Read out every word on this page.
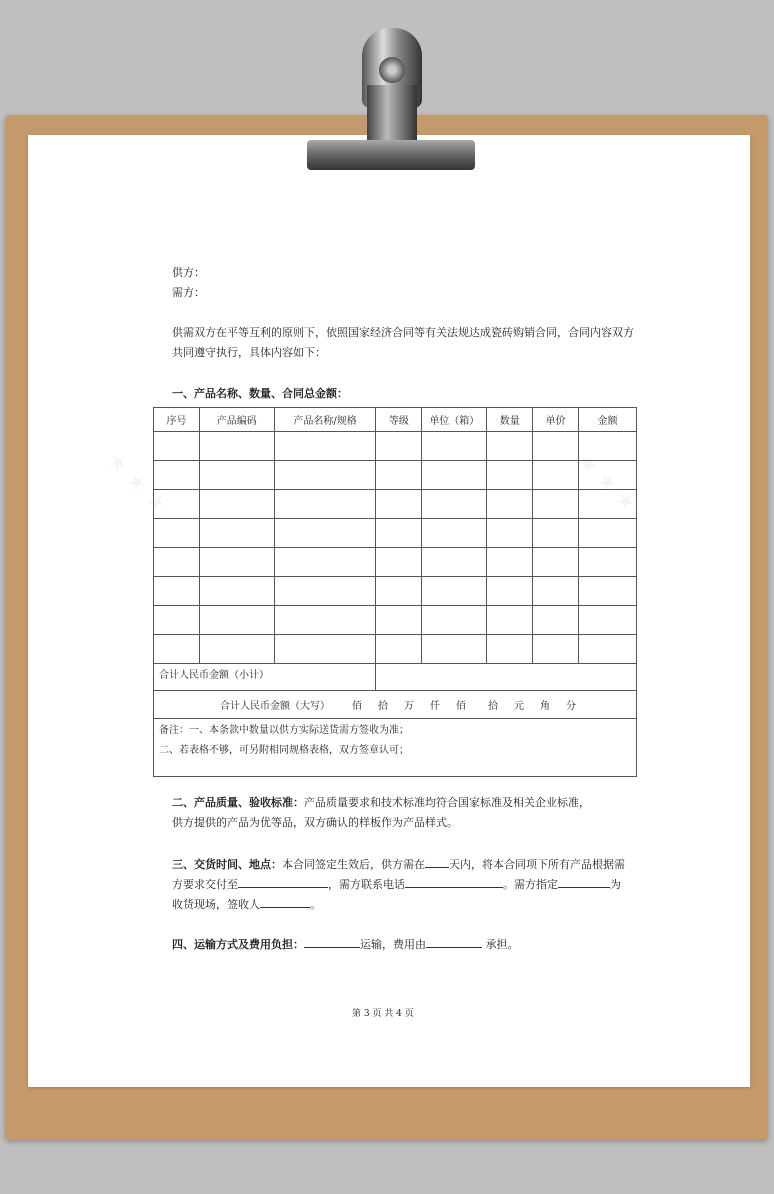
供方：
需方：
供需双方在平等互利的原则下，依照国家经济合同等有关法规达成瓷砖购销合同，合同内容双方
共同遵守执行，具体内容如下：
一、产品名称、数量、合同总金额：
序号	产品编码	产品名称/规格	等级	单位（箱）	数量	单价	金额

合计人民币金额（小计）							
合计人民币金额（大写） 佰 拾 万 仟 佰 拾 元 角 分							

备注：一、本条款中数量以供方实际送货需方签收为准；
二、若表格不够，可另附相同规格表格，双方签章认可；							
二、产品质量、验收标准：产品质量要求和技术标准均符合国家标准及相关企业标准，
供方提供的产品为优等品，双方确认的样板作为产品样式。
三、交货时间、地点：本合同签定生效后，供方需在 天内，将本合同项下所有产品根据需
方要求交付至	，需方联系电话	。需方指定	为
收货现场，签收人	。
四、运输方式及费用负担：	运输，费用由	承担。
第 3 页 共 4 页
